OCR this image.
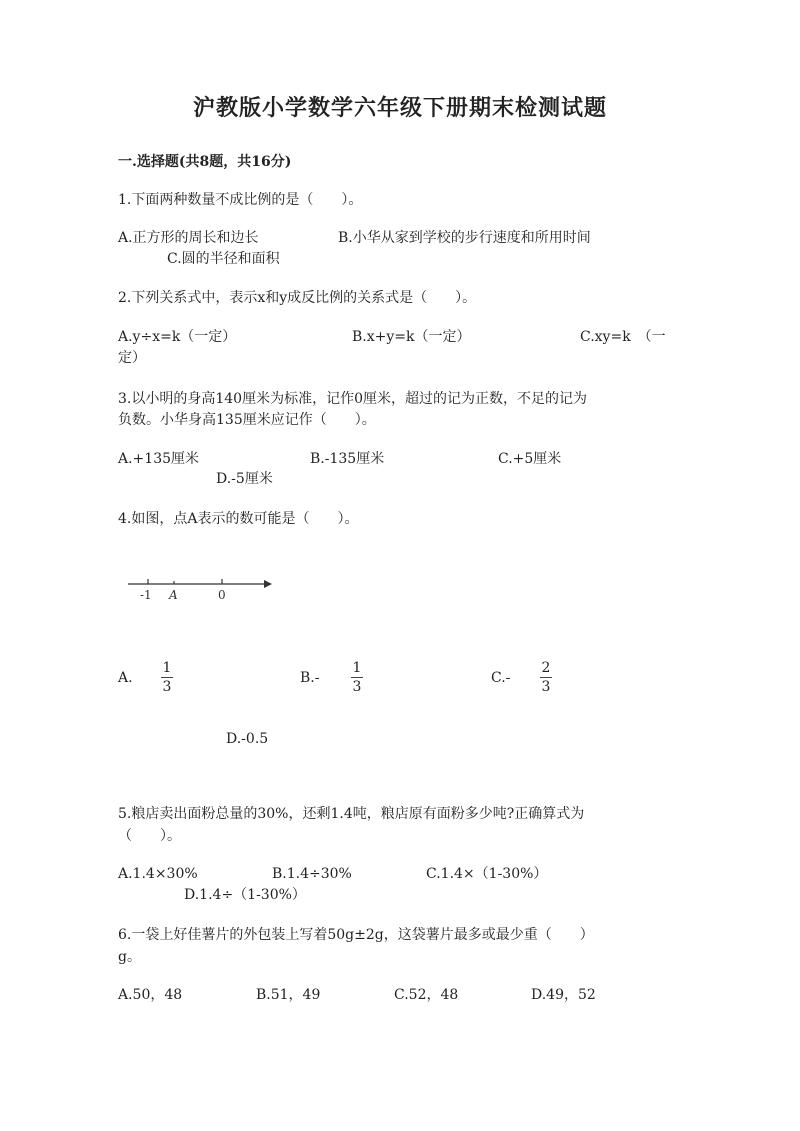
沪教版小学数学六年级下册期末检测试题
一.选择题(共8题，共16分)
1.下面两种数量不成比例的是（　　）。
A.正方形的周长和边长	B.小华从家到学校的步行速度和所用时间
C.圆的半径和面积
2.下列关系式中，表示x和y成反比例的关系式是（　　）。
A.y÷x=k（一定）	B.x+y=k（一定）	C.xy=k　（一
定）
3.以小明的身高140厘米为标准，记作0厘米，超过的记为正数，不足的记为
负数。小华身高135厘米应记作（　　）。
A.+135厘米	B.-135厘米	C.+5厘米
D.-5厘米
4.如图，点A表示的数可能是（　　）。
-1 A	0
A.
1
3
B.-
1
3
C.-
2
3
D.-0.5
5.粮店卖出面粉总量的30%，还剩1.4吨，粮店原有面粉多少吨?正确算式为
（　　）。
A.1.4×30%	B.1.4÷30%	C.1.4×（1-30%）
D.1.4÷（1-30%）
6.一袋上好佳薯片的外包装上写着50g±2g，这袋薯片最多或最少重（　　）
g。
A.50，48	B.51，49	C.52，48	D.49，52
